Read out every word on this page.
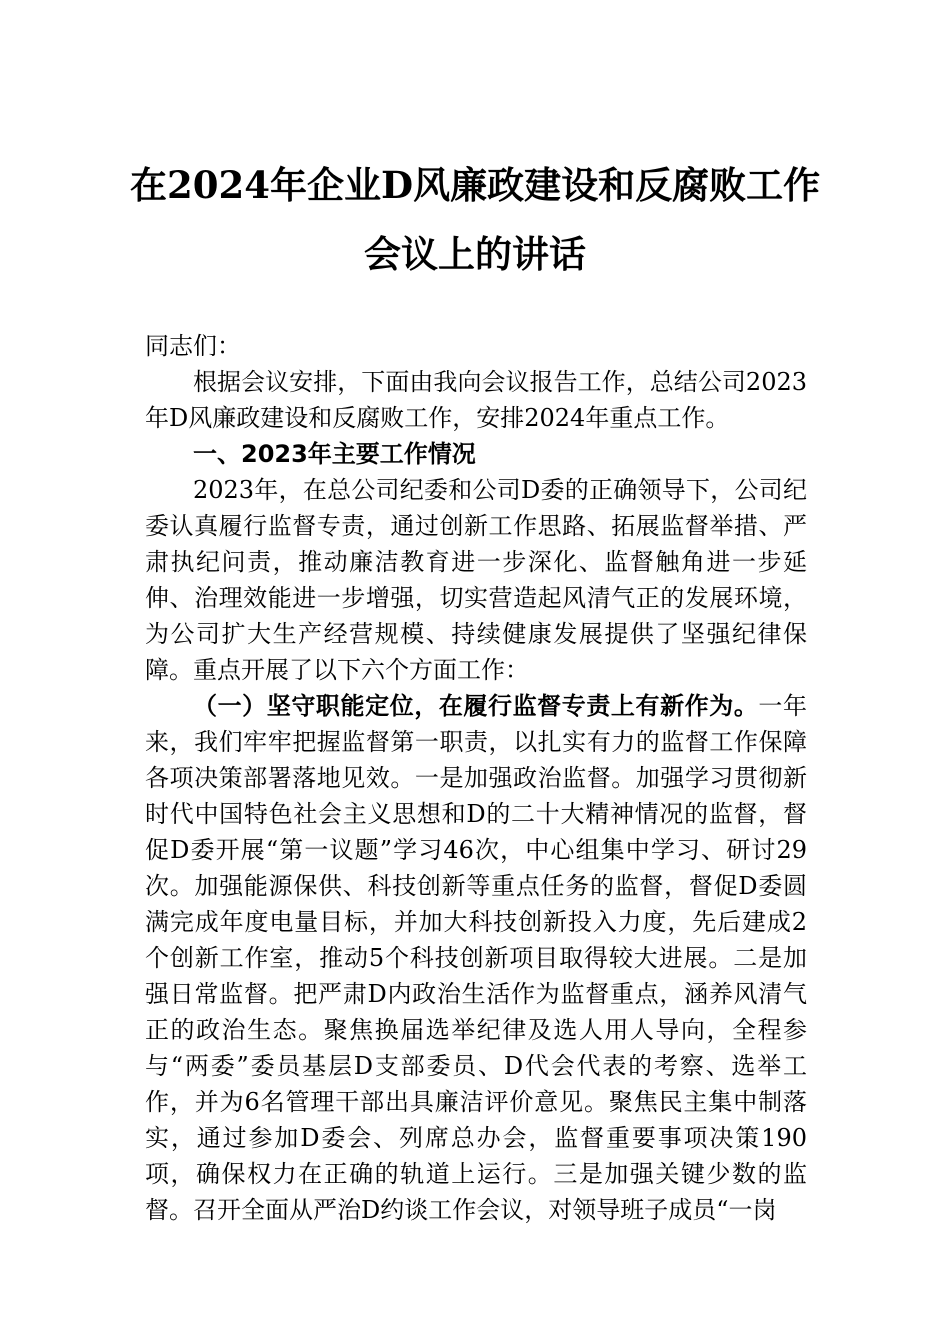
在2024年企业D风廉政建设和反腐败工作
会议上的讲话

同志们：

根据会议安排，下面由我向会议报告工作，总结公司2023年D风廉政建设和反腐败工作，安排2024年重点工作。

一、2023年主要工作情况

2023年，在总公司纪委和公司D委的正确领导下，公司纪委认真履行监督专责，通过创新工作思路、拓展监督举措、严肃执纪问责，推动廉洁教育进一步深化、监督触角进一步延伸、治理效能进一步增强，切实营造起风清气正的发展环境，为公司扩大生产经营规模、持续健康发展提供了坚强纪律保障。重点开展了以下六个方面工作：

（一）坚守职能定位，在履行监督专责上有新作为。一年来，我们牢牢把握监督第一职责，以扎实有力的监督工作保障各项决策部署落地见效。一是加强政治监督。加强学习贯彻新时代中国特色社会主义思想和D的二十大精神情况的监督，督促D委开展“第一议题”学习46次，中心组集中学习、研讨29次。加强能源保供、科技创新等重点任务的监督，督促D委圆满完成年度电量目标，并加大科技创新投入力度，先后建成2个创新工作室，推动5个科技创新项目取得较大进展。二是加强日常监督。把严肃D内政治生活作为监督重点，涵养风清气正的政治生态。聚焦换届选举纪律及选人用人导向，全程参与“两委”委员基层D支部委员、D代会代表的考察、选举工作，并为6名管理干部出具廉洁评价意见。聚焦民主集中制落实，通过参加D委会、列席总办会，监督重要事项决策190项，确保权力在正确的轨道上运行。三是加强关键少数的监督。召开全面从严治D约谈工作会议，对领导班子成员“一岗
